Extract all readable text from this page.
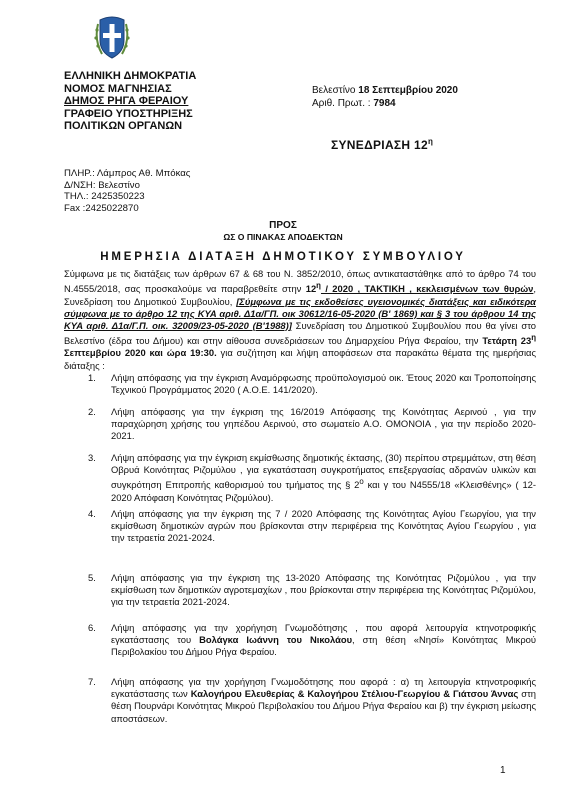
ΕΛΛΗΝΙΚΗ ΔΗΜΟΚΡΑΤΙΑ
ΝΟΜΟΣ ΜΑΓΝΗΣΙΑΣ
ΔΗΜΟΣ ΡΗΓΑ ΦΕΡΑΙΟΥ
ΓΡΑΦΕΙΟ ΥΠΟΣΤΗΡΙΞΗΣ
ΠΟΛΙΤΙΚΩΝ ΟΡΓΑΝΩΝ
ΠΛΗΡ.: Λάμπρος Αθ. Μπόκας
Δ/ΝΣΗ: Βελεστίνο
ΤΗΛ.: 2425350223
Fax :2425022870
Βελεστίνο 18 Σεπτεμβρίου 2020
Αριθ. Πρωτ. : 7984
ΣΥΝΕΔΡΙΑΣΗ $12^\eta$
ΠΡΟΣ
ΩΣ Ο ΠΙΝΑΚΑΣ ΑΠΟΔΕΚΤΩΝ
ΗΜΕΡΗΣΙΑ ΔΙΑΤΑΞΗ ΔΗΜΟΤΙΚΟΥ ΣΥΜΒΟΥΛΙΟΥ
Σύμφωνα με τις διατάξεις των άρθρων 67 & 68 του Ν. 3852/2010, όπως αντικαταστάθηκε από το άρθρο 74 του Ν.4555/2018, σας προσκαλούμε να παραβρεθείτε στην $12^\eta / 2020$ , ΤΑΚΤΙΚΗ , κεκλεισμένων των θυρών, Συνεδρίαση του Δημοτικού Συμβουλίου, [Σύμφωνα με τις εκδοθείσες υγειονομικές διατάξεις και ειδικότερα σύμφωνα με το άρθρο 12 της ΚΥΑ αριθ. Δ1α/ΓΠ. οικ 30612/16-05-2020 (Β' 1869) και § 3 του άρθρου 14 της ΚΥΑ αριθ. Δ1α/Γ.Π. οικ. 32009/23-05-2020 (Β'1988)] Συνεδρίαση του Δημοτικού Συμβουλίου που θα γίνει στο Βελεστίνο (έδρα του Δήμου) και στην αίθουσα συνεδριάσεων του Δημαρχείου Ρήγα Φεραίου, την Τετάρτη $23^\eta$ Σεπτεμβρίου 2020 και ώρα 19:30. για συζήτηση και λήψη αποφάσεων στα παρακάτω θέματα της ημερήσιας διάταξης :
1. Λήψη απόφασης για την έγκριση Αναμόρφωσης προϋπολογισμού οικ. Έτους 2020 και Τροποποίησης Τεχνικού Προγράμματος 2020 ( Α.Ο.Ε. 141/2020).
2. Λήψη απόφασης για την έγκριση της 16/2019 Απόφασης της Κοινότητας Αερινού , για την παραχώρηση χρήσης του γηπέδου Αερινού, στο σωματείο Α.Ο. ΟΜΟΝΟΙΑ , για την περίοδο 2020-2021.
3. Λήψη απόφασης για την έγκριση εκμίσθωσης δημοτικής έκτασης, (30) περίπου στρεμμάτων, στη θέση Οβρυά Κοινότητας Ριζομύλου , για εγκατάσταση συγκροτήματος επεξεργασίας αδρανών υλικών και συγκρότηση Επιτροπής καθορισμού του τμήματος της § $2^o$ και γ του Ν4555/18 «Κλεισθένης» ( 12-2020 Απόφαση Κοινότητας Ριζομύλου).
4. Λήψη απόφασης για την έγκριση της 7 / 2020 Απόφασης της Κοινότητας Αγίου Γεωργίου, για την εκμίσθωση δημοτικών αγρών που βρίσκονται στην περιφέρεια της Κοινότητας Αγίου Γεωργίου , για την τετραετία 2021-2024.
5. Λήψη απόφασης για την έγκριση της 13-2020 Απόφασης της Κοινότητας Ριζομύλου , για την εκμίσθωση των δημοτικών αγροτεμαχίων , που βρίσκονται στην περιφέρεια της Κοινότητας Ριζομύλου, για την τετραετία 2021-2024.
6. Λήψη απόφασης για την χορήγηση Γνωμοδότησης , που αφορά λειτουργία κτηνοτροφικής εγκατάστασης του Βολάγκα Ιωάννη του Νικολάου, στη θέση «Νησί» Κοινότητας Μικρού Περιβολακίου του Δήμου Ρήγα Φεραίου.
7. Λήψη απόφασης για την χορήγηση Γνωμοδότησης που αφορά : α) τη λειτουργία κτηνοτροφικής εγκατάστασης των Καλογήρου Ελευθερίας & Καλογήρου Στέλιου-Γεωργίου & Γιάτσου Άννας στη θέση Πουρνάρι Κοινότητας Μικρού Περιβολακίου του Δήμου Ρήγα Φεραίου και β) την έγκριση μείωσης αποστάσεων.
1
